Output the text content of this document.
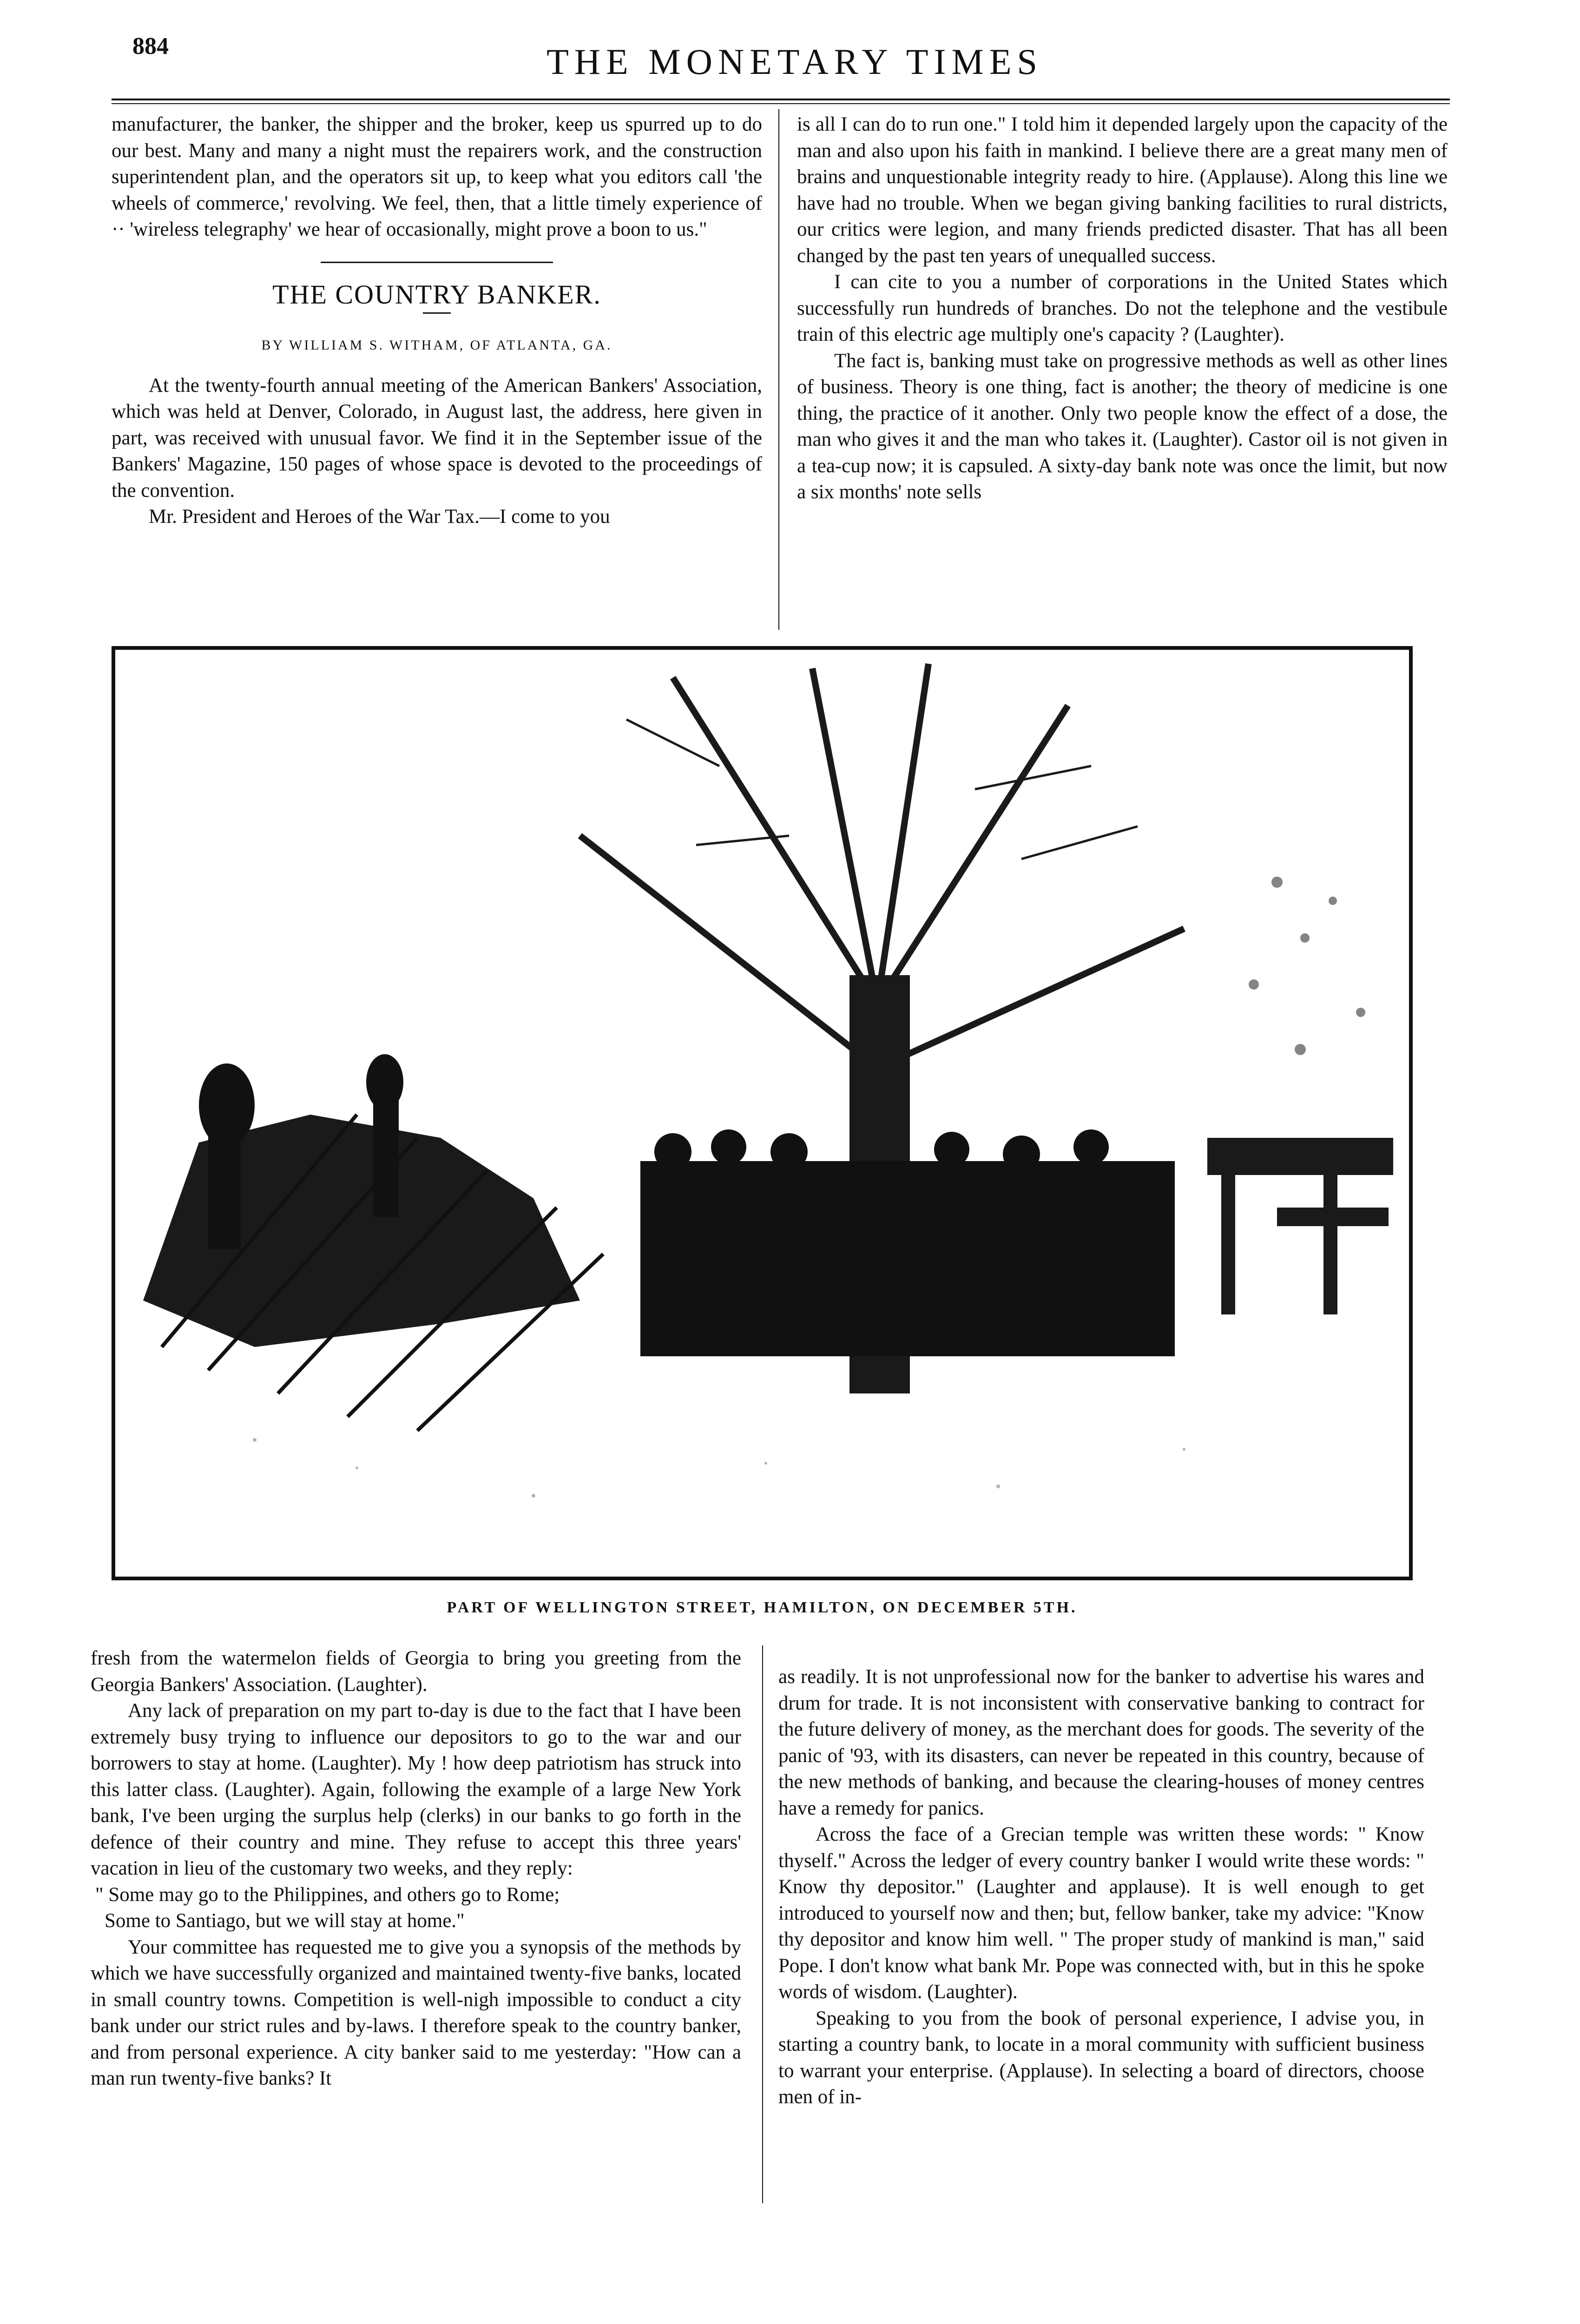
884	THE MONETARY TIMES

manufacturer, the banker, the shipper and the broker, keep us spurred up to do our best. Many and many a night must the repairers work, and the construction superintendent plan, and the operators sit up, to keep what you editors call 'the wheels of commerce,' revolving. We feel, then, that a little timely experience of ·· 'wireless telegraphy' we hear of occasionally, might prove a boon to us."

THE COUNTRY BANKER.
BY WILLIAM S. WITHAM, OF ATLANTA, GA.

At the twenty-fourth annual meeting of the American Bankers' Association, which was held at Denver, Colorado, in August last, the address, here given in part, was received with unusual favor. We find it in the September issue of the Bankers' Magazine, 150 pages of whose space is devoted to the proceedings of the convention.

Mr. President and Heroes of the War Tax.—I come to you

is all I can do to run one." I told him it depended largely upon the capacity of the man and also upon his faith in mankind. I believe there are a great many men of brains and unquestionable integrity ready to hire. (Applause). Along this line we have had no trouble. When we began giving banking facilities to rural districts, our critics were legion, and many friends predicted disaster. That has all been changed by the past ten years of unequalled success.

I can cite to you a number of corporations in the United States which successfully run hundreds of branches. Do not the telephone and the vestibule train of this electric age multiply one's capacity ? (Laughter).

The fact is, banking must take on progressive methods as well as other lines of business. Theory is one thing, fact is another; the theory of medicine is one thing, the practice of it another. Only two people know the effect of a dose, the man who gives it and the man who takes it. (Laughter). Castor oil is not given in a tea-cup now; it is capsuled. A sixty-day bank note was once the limit, but now a six months' note sells

PART OF WELLINGTON STREET, HAMILTON, ON DECEMBER 5TH.

fresh from the watermelon fields of Georgia to bring you greeting from the Georgia Bankers' Association. (Laughter).

Any lack of preparation on my part to-day is due to the fact that I have been extremely busy trying to influence our depositors to go to the war and our borrowers to stay at home. (Laughter). My ! how deep patriotism has struck into this latter class. (Laughter). Again, following the example of a large New York bank, I've been urging the surplus help (clerks) in our banks to go forth in the defence of their country and mine. They refuse to accept this three years' vacation in lieu of the customary two weeks, and they reply:

" Some may go to the Philippines, and others go to Rome;

Some to Santiago, but we will stay at home."

Your committee has requested me to give you a synopsis of the methods by which we have successfully organized and maintained twenty-five banks, located in small country towns. Competition is well-nigh impossible to conduct a city bank under our strict rules and by-laws. I therefore speak to the country banker, and from personal experience. A city banker said to me yesterday: "How can a man run twenty-five banks? It

as readily. It is not unprofessional now for the banker to advertise his wares and drum for trade. It is not inconsistent with conservative banking to contract for the future delivery of money, as the merchant does for goods. The severity of the panic of '93, with its disasters, can never be repeated in this country, because of the new methods of banking, and because the clearing-houses of money centres have a remedy for panics.

Across the face of a Grecian temple was written these words: " Know thyself." Across the ledger of every country banker I would write these words: " Know thy depositor." (Laughter and applause). It is well enough to get introduced to yourself now and then; but, fellow banker, take my advice: "Know thy depositor and know him well. " The proper study of mankind is man," said Pope. I don't know what bank Mr. Pope was connected with, but in this he spoke words of wisdom. (Laughter).

Speaking to you from the book of personal experience, I advise you, in starting a country bank, to locate in a moral community with sufficient business to warrant your enterprise. (Applause). In selecting a board of directors, choose men of in-
